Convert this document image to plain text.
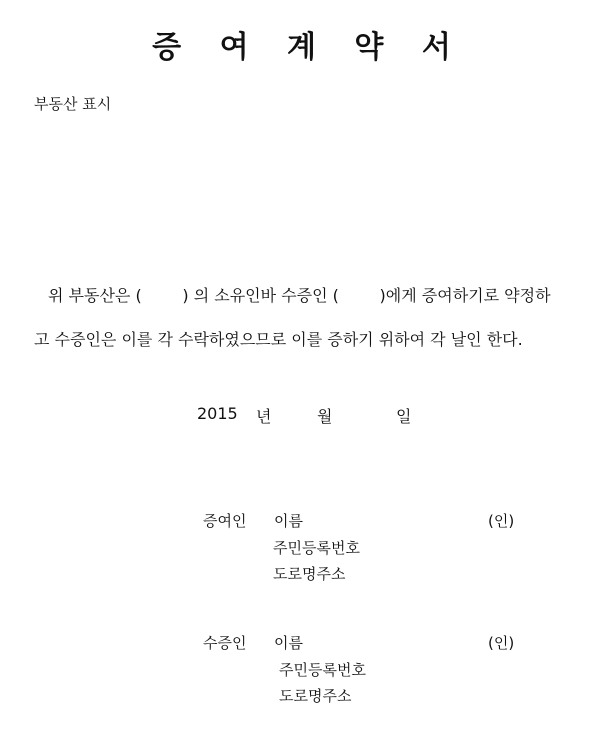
증 여 계 약 서
부동산 표시
위 부동산은 (        ) 의 소유인바 수증인 (        )에게 증여하기로 약정하
고 수증인은 이를 각 수락하였으므로 이를 증하기 위하여 각 날인 한다.
2015 년	월	일
증여인 이름	(인)
주민등록번호
도로명주소
수증인 이름	(인)
주민등록번호
도로명주소
